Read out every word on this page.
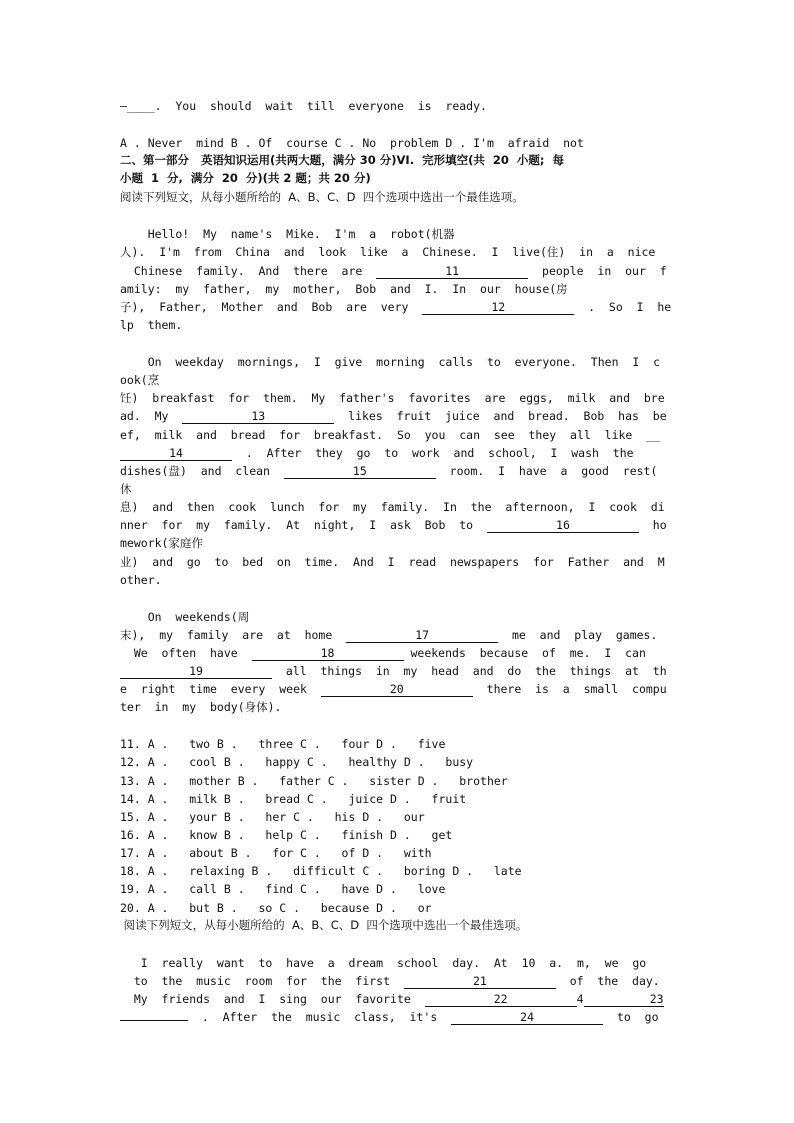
—____.  You  should  wait  till  everyone  is  ready.
A . Never  mind B . Of  course C . No  problem D . I'm  afraid  not
二、第一部分   英语知识运用(共两大题，满分 30 分)VI.  完形填空(共  20  小题;  每
小题  1  分,  满分  20  分)(共 2 题；共 20 分)
阅读下列短文，从每小题所给的  A、B、C、D  四个选项中选出一个最佳选项。
Hello!  My  name's  Mike.  I'm  a  robot(机器
人).  I'm  from  China  and  look  like  a  Chinese.  I  live(住)  in  a  nice
Chinese  family.  And  there  are	11	people  in  our  f
amily:  my  father,  my  mother,  Bob  and  I.  In  our  house(房
子),  Father,  Mother  and  Bob  are  very	12	.  So  I  he
lp  them.
On  weekday  mornings,  I  give  morning  calls  to  everyone.  Then  I  c
ook(烹
饪)  breakfast  for  them.  My  father's  favorites  are  eggs,  milk  and  bre
ad.  My	13	likes  fruit  juice  and  bread.  Bob  has  be
ef,  milk  and  bread  for  breakfast.  So  you  can  see  they  all  like  __
14	.  After  they  go  to  work  and  school,  I  wash  the
dishes(盘)  and  clean	15	room.  I  have  a  good  rest(
休
息)  and  then  cook  lunch  for  my  family.  In  the  afternoon,  I  cook  di
nner  for  my  family.  At  night,  I  ask  Bob  to	16	ho
mework(家庭作
业)  and  go  to  bed  on  time.  And  I  read  newspapers  for  Father  and  M
other.
On  weekends(周
末),  my  family  are  at  home	17	me  and  play  games.
We  often  have	18	weekends  because  of  me.  I  can
19	all  things  in  my  head  and  do  the  things  at  th
e  right  time  every  week	20	there  is  a  small  compu
ter  in  my  body(身体).
11. A .   two B .   three C .   four D .   five
12. A .   cool B .   happy C .   healthy D .   busy
13. A .   mother B .   father C .   sister D .   brother
14. A .   milk B .   bread C .   juice D .   fruit
15. A .   your B .   her C .   his D .   our
16. A .   know B .   help C .   finish D .   get
17. A .   about B .   for C .   of D .   with
18. A .   relaxing B .   difficult C .   boring D .   late
19. A .   call B .   find C .   have D .   love
20. A .   but B .   so C .   because D .   or
阅读下列短文，从每小题所给的  A、B、C、D  四个选项中选出一个最佳选项。
I  really  want  to  have  a  dream  school  day.  At  10  a.  m,  we  go
to  the  music  room  for  the  first	21	of  the  day.
My  friends  and  I  sing  our  favorite	22	4	23
.  After  the  music  class,  it's	24	to  go
